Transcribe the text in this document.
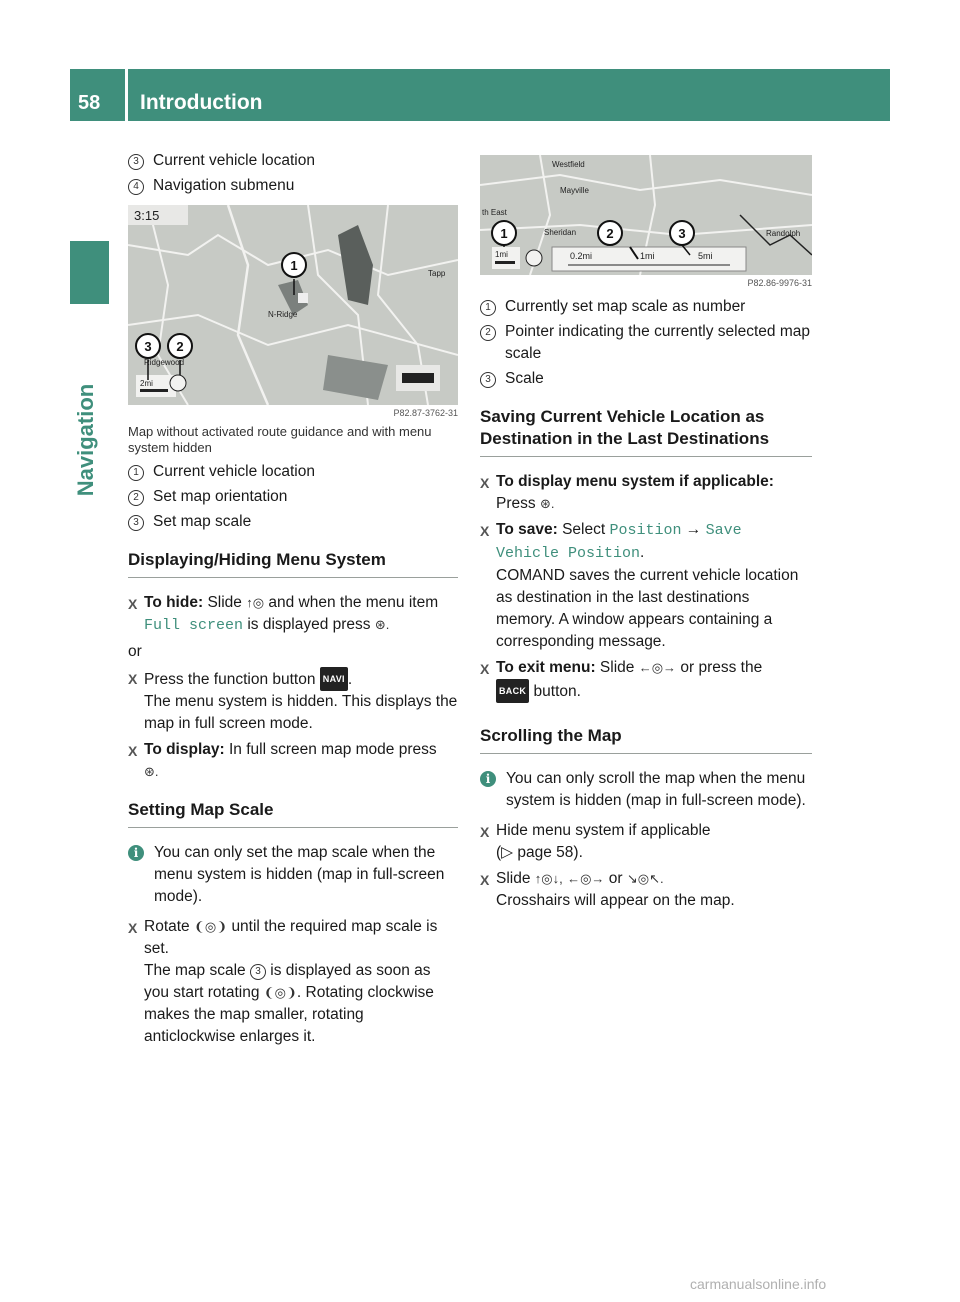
58 Introduction
Navigation
3 Current vehicle location
4 Navigation submenu
3:15
N-Ridge
Ridgewood
Tapp
2mi
1
2
3
P82.87-3762-31
Map without activated route guidance and with menu system hidden
1 Current vehicle location
2 Set map orientation
3 Set map scale
Displaying/Hiding Menu System
X To hide: Slide ↑◎ and when the menu item Full screen is displayed press ⊛.
or
X Press the function button NAVI .
The menu system is hidden. This displays the map in full screen mode.
X To display: In full screen map mode press
⊛.
Setting Map Scale
i	You can only set the map scale when the menu system is hidden (map in full-screen mode).
X Rotate ❨◎❩ until the required map scale is set.
The map scale 3 is displayed as soon as you start rotating ❨◎❩. Rotating clockwise makes the map smaller, rotating anticlockwise enlarges it.
Westfield
Mayville
th East
Sheridan	Randolph
1mi	0.2mi	1mi	5mi
1	2	3
P82.86-9976-31
1 Currently set map scale as number
2 Pointer indicating the currently selected map scale
3 Scale
Saving Current Vehicle Location as Destination in the Last Destinations
X To display menu system if applicable:
Press ⊛.
X To save: Select Position → Save Vehicle Position.
COMAND saves the current vehicle location as destination in the last destinations memory. A window appears containing a corresponding message.
X To exit menu: Slide ←◎→ or press the
BACK button.
Scrolling the Map
i	You can only scroll the map when the menu system is hidden (map in full-screen mode).
X Hide menu system if applicable
(▷ page 58).
X Slide ↑◎↓, ←◎→ or ↘◎↖.
Crosshairs will appear on the map.
carmanualsonline.info
